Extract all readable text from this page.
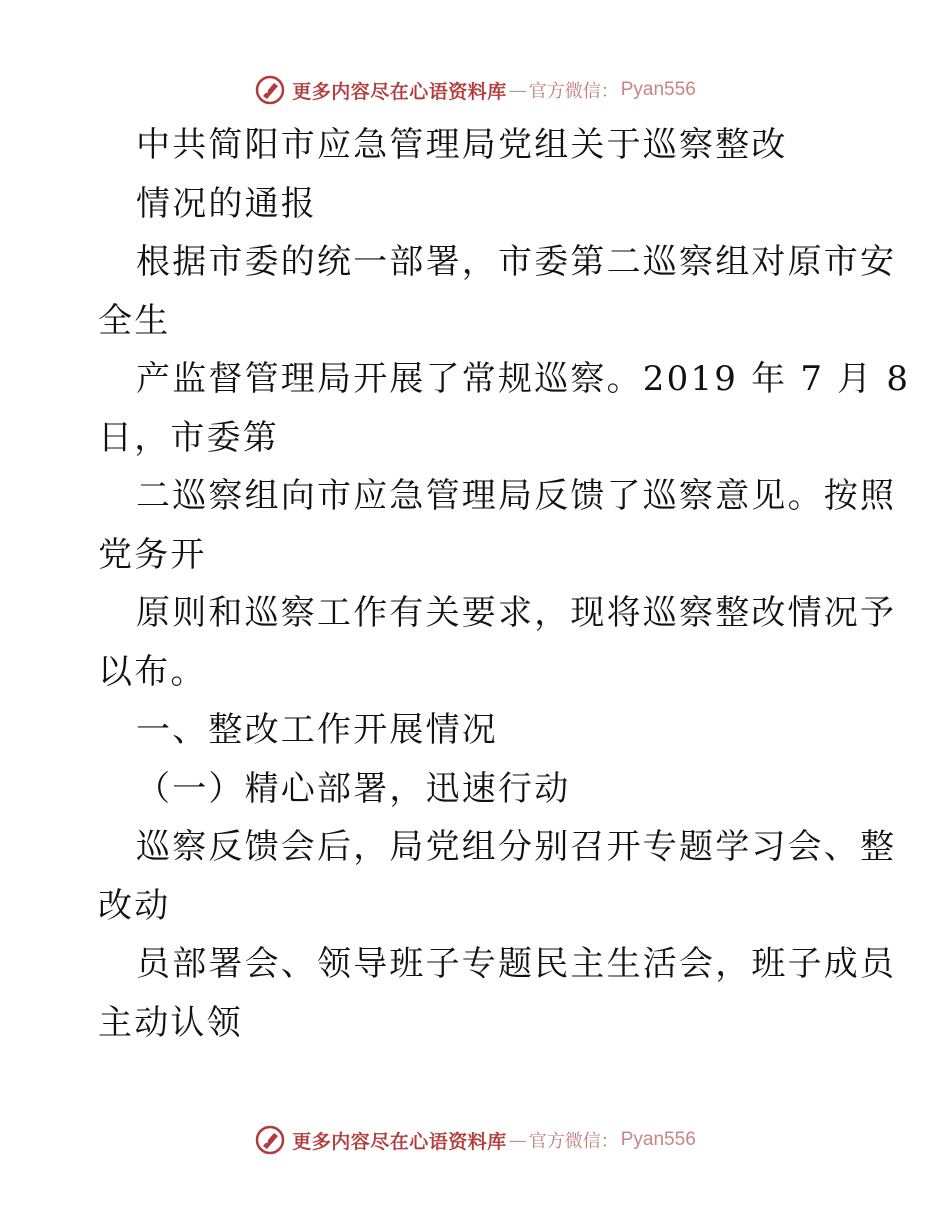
更多内容尽在心语资料库 — 官方微信： Pyan556
中共简阳市应急管理局党组关于巡察整改
情况的通报
根据市委的统一部署，市委第二巡察组对原市安
全生
产监督管理局开展了常规巡察。2019 年 7 月 8
日，市委第
二巡察组向市应急管理局反馈了巡察意见。按照
党务开
原则和巡察工作有关要求，现将巡察整改情况予
以布。
一、整改工作开展情况
（一）精心部署，迅速行动
巡察反馈会后，局党组分别召开专题学习会、整
改动
员部署会、领导班子专题民主生活会，班子成员
主动认领
更多内容尽在心语资料库 — 官方微信： Pyan556
